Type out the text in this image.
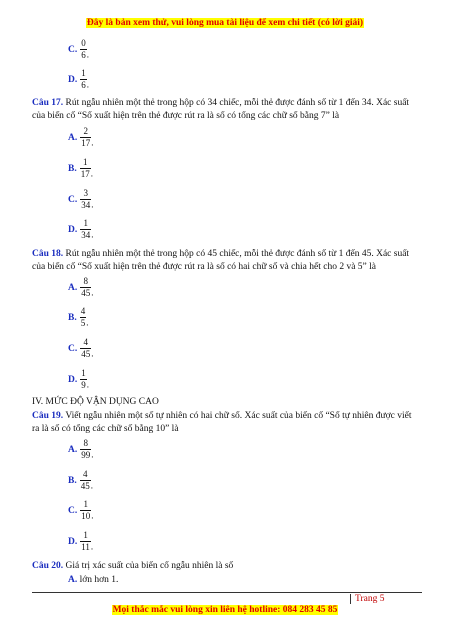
Đây là bản xem thử, vui lòng mua tài liệu để xem chi tiết (có lời giải)
C. $\frac{0}{6}$ .
D. $\frac{1}{6}$ .
Câu 17. Rút ngẫu nhiên một thẻ trong hộp có 34 chiếc, mỗi thẻ được đánh số từ 1 đến 34. Xác suất của biến cố “Số xuất hiện trên thẻ được rút ra là số có tổng các chữ số bằng 7” là
A. $\frac{2}{17}$ .
B. $\frac{1}{17}$ .
C. $\frac{3}{34}$ .
D. $\frac{1}{34}$ .
Câu 18. Rút ngẫu nhiên một thẻ trong hộp có 45 chiếc, mỗi thẻ được đánh số từ 1 đến 45. Xác suất của biến cố “Số xuất hiện trên thẻ được rút ra là số có hai chữ số và chia hết cho 2 và 5” là
A. $\frac{8}{45}$ .
B. $\frac{4}{5}$ .
C. $\frac{4}{45}$ .
D. $\frac{1}{9}$ .
IV. MỨC ĐỘ VẬN DỤNG CAO
Câu 19. Viết ngẫu nhiên một số tự nhiên có hai chữ số. Xác suất của biến cố “Số tự nhiên được viết ra là số có tổng các chữ số bằng 10” là
A. $\frac{8}{99}$ .
B. $\frac{4}{45}$ .
C. $\frac{1}{10}$ .
D. $\frac{1}{11}$ .
Câu 20. Giá trị xác suất của biến cố ngẫu nhiên là số
A. lớn hơn 1.
Trang 5
Mọi thắc mắc vui lòng xin liên hệ hotline: 084 283 45 85
